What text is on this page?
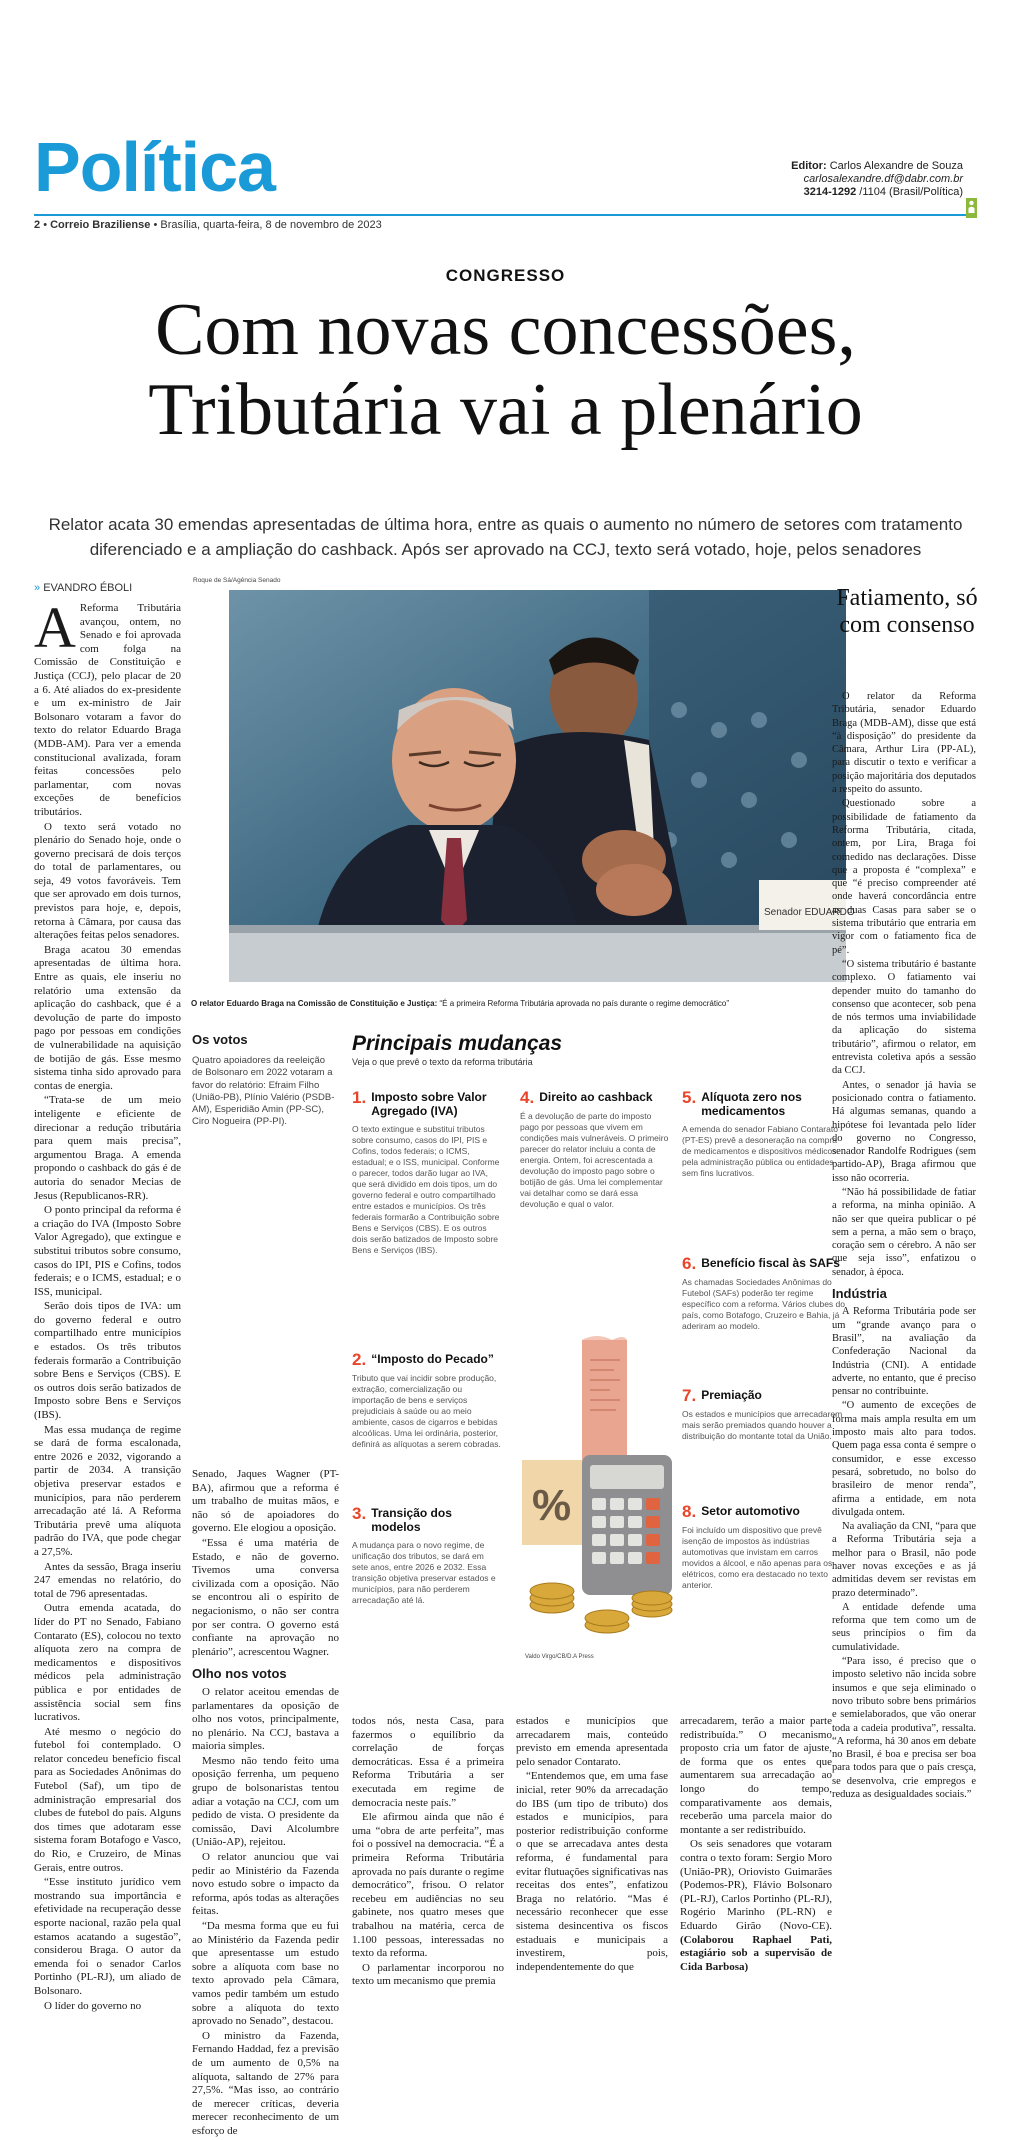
Política
2 • Correio Braziliense • Brasília, quarta-feira, 8 de novembro de 2023
Editor: Carlos Alexandre de Souza
carlosalexandre.df@dabr.com.br
3214-1292 /1104 (Brasil/Política)
CONGRESSO
Com novas concessões,
Tributária vai a plenário
Relator acata 30 emendas apresentadas de última hora, entre as quais o aumento no número de setores com tratamento diferenciado e a ampliação do cashback. Após ser aprovado na CCJ, texto será votado, hoje, pelos senadores
» EVANDRO ÉBOLI
Roque de Sá/Agência Senado
Senador EDUARDO
O relator Eduardo Braga na Comissão de Constituição e Justiça: “É a primeira Reforma Tributária aprovada no país durante o regime democrático”

A Reforma Tributária avançou, ontem, no Senado e foi aprovada com folga na Comissão de Constituição e Justiça (CCJ), pelo placar de 20 a 6. Até aliados do ex-presidente e um ex-ministro de Jair Bolsonaro votaram a favor do texto do relator Eduardo Braga (MDB-AM). Para ver a emenda constitucional avalizada, foram feitas concessões pelo parlamentar, com novas exceções de benefícios tributários.

O texto será votado no plenário do Senado hoje, onde o governo precisará de dois terços do total de parlamentares, ou seja, 49 votos favoráveis. Tem que ser aprovado em dois turnos, previstos para hoje, e, depois, retorna à Câmara, por causa das alterações feitas pelos senadores.

Braga acatou 30 emendas apresentadas de última hora. Entre as quais, ele inseriu no relatório uma extensão da aplicação do cashback, que é a devolução de parte do imposto pago por pessoas em condições de vulnerabilidade na aquisição de botijão de gás. Esse mesmo sistema tinha sido aprovado para contas de energia.

“Trata-se de um meio inteligente e eficiente de direcionar a redução tributária para quem mais precisa”, argumentou Braga. A emenda propondo o cashback do gás é de autoria do senador Mecias de Jesus (Republicanos-RR).

O ponto principal da reforma é a criação do IVA (Imposto Sobre Valor Agregado), que extingue e substitui tributos sobre consumo, casos do IPI, PIS e Cofins, todos federais; e o ICMS, estadual; e o ISS, municipal.

Serão dois tipos de IVA: um do governo federal e outro compartilhado entre municípios e estados. Os três tributos federais formarão a Contribuição sobre Bens e Serviços (CBS). E os outros dois serão batizados de Imposto sobre Bens e Serviços (IBS).

Mas essa mudança de regime se dará de forma escalonada, entre 2026 e 2032, vigorando a partir de 2034. A transição objetiva preservar estados e municípios, para não perderem arrecadação até lá. A Reforma Tributária prevê uma alíquota padrão do IVA, que pode chegar a 27,5%.

Antes da sessão, Braga inseriu 247 emendas no relatório, do total de 796 apresentadas.

Outra emenda acatada, do líder do PT no Senado, Fabiano Contarato (ES), colocou no texto alíquota zero na compra de medicamentos e dispositivos médicos pela administração pública e por entidades de assistência social sem fins lucrativos.

Até mesmo o negócio do futebol foi contemplado. O relator concedeu benefício fiscal para as Sociedades Anônimas do Futebol (Saf), um tipo de administração empresarial dos clubes de futebol do país. Alguns dos times que adotaram esse sistema foram Botafogo e Vasco, do Rio, e Cruzeiro, de Minas Gerais, entre outros.

“Esse instituto jurídico vem mostrando sua importância e efetividade na recuperação desse esporte nacional, razão pela qual estamos acatando a sugestão”, considerou Braga. O autor da emenda foi o senador Carlos Portinho (PL-RJ), um aliado de Bolsonaro.

O líder do governo no

Os votos

Quatro apoiadores da reeleição de Bolsonaro em 2022 votaram a favor do relatório: Efraim Filho (União-PB), Plínio Valério (PSDB-AM), Esperidião Amin (PP-SC), Ciro Nogueira (PP-PI).

Senado, Jaques Wagner (PT-BA), afirmou que a reforma é um trabalho de muitas mãos, e não só de apoiadores do governo. Ele elogiou a oposição.

“Essa é uma matéria de Estado, e não de governo. Tivemos uma conversa civilizada com a oposição. Não se encontrou ali o espírito de negacionismo, o não ser contra por ser contra. O governo está confiante na aprovação no plenário”, acrescentou Wagner.

Olho nos votos

O relator aceitou emendas de parlamentares da oposição de olho nos votos, principalmente, no plenário. Na CCJ, bastava a maioria simples.

Mesmo não tendo feito uma oposição ferrenha, um pequeno grupo de bolsonaristas tentou adiar a votação na CCJ, com um pedido de vista. O presidente da comissão, Davi Alcolumbre (União-AP), rejeitou.

O relator anunciou que vai pedir ao Ministério da Fazenda novo estudo sobre o impacto da reforma, após todas as alterações feitas.

“Da mesma forma que eu fui ao Ministério da Fazenda pedir que apresentasse um estudo sobre a alíquota com base no texto aprovado pela Câmara, vamos pedir também um estudo sobre a alíquota do texto aprovado no Senado”, destacou.

O ministro da Fazenda, Fernando Haddad, fez a previsão de um aumento de 0,5% na alíquota, saltando de 27% para 27,5%. “Mas isso, ao contrário de merecer críticas, deveria merecer reconhecimento de um esforço de

Principais mudanças
Veja o que prevê o texto da reforma tributária
1. Imposto sobre Valor Agregado (IVA)
O texto extingue e substitui tributos sobre consumo, casos do IPI, PIS e Cofins, todos federais; o ICMS, estadual; e o ISS, municipal. Conforme o parecer, todos darão lugar ao IVA, que será dividido em dois tipos, um do governo federal e outro compartilhado entre estados e municípios. Os três federais formarão a Contribuição sobre Bens e Serviços (CBS). E os outros dois serão batizados de Imposto sobre Bens e Serviços (IBS).
2. “Imposto do Pecado”
Tributo que vai incidir sobre produção, extração, comercialização ou importação de bens e serviços prejudiciais à saúde ou ao meio ambiente, casos de cigarros e bebidas alcoólicas. Uma lei ordinária, posterior, definirá as alíquotas a serem cobradas.
3. Transição dos modelos
A mudança para o novo regime, de unificação dos tributos, se dará em sete anos, entre 2026 e 2032. Essa transição objetiva preservar estados e municípios, para não perderem arrecadação até lá.
4. Direito ao cashback
É a devolução de parte do imposto pago por pessoas que vivem em condições mais vulneráveis. O primeiro parecer do relator incluiu a conta de energia. Ontem, foi acrescentada a devolução do imposto pago sobre o botijão de gás. Uma lei complementar vai detalhar como se dará essa devolução e qual o valor.
5. Alíquota zero nos medicamentos
A emenda do senador Fabiano Contarato (PT-ES) prevê a desoneração na compra de medicamentos e dispositivos médicos pela administração pública ou entidades sem fins lucrativos.
6. Benefício fiscal às SAFs
As chamadas Sociedades Anônimas do Futebol (SAFs) poderão ter regime específico com a reforma. Vários clubes do país, como Botafogo, Cruzeiro e Bahia, já aderiram ao modelo.
7. Premiação
Os estados e municípios que arrecadarem mais serão premiados quando houver a distribuição do montante total da União.
8. Setor automotivo
Foi incluído um dispositivo que prevê isenção de impostos às indústrias automotivas que invistam em carros movidos a álcool, e não apenas para os elétricos, como era destacado no texto anterior.
%
Valdo Virgo/CB/D.A Press

todos nós, nesta Casa, para fazermos o equilíbrio da correlação de forças democráticas. Essa é a primeira Reforma Tributária a ser executada em regime de democracia neste país.”

Ele afirmou ainda que não é uma “obra de arte perfeita”, mas foi o possível na democracia. “É a primeira Reforma Tributária aprovada no país durante o regime democrático”, frisou. O relator recebeu em audiências no seu gabinete, nos quatro meses que trabalhou na matéria, cerca de 1.100 pessoas, interessadas no texto da reforma.

O parlamentar incorporou no texto um mecanismo que premia

estados e municípios que arrecadarem mais, conteúdo previsto em emenda apresentada pelo senador Contarato.

“Entendemos que, em uma fase inicial, reter 90% da arrecadação do IBS (um tipo de tributo) dos estados e municípios, para posterior redistribuição conforme o que se arrecadava antes desta reforma, é fundamental para evitar flutuações significativas nas receitas dos entes”, enfatizou Braga no relatório. “Mas é necessário reconhecer que esse sistema desincentiva os fiscos estaduais e municipais a investirem, pois, independentemente do que

arrecadarem, terão a maior parte redistribuída.” O mecanismo proposto cria um fator de ajuste, de forma que os entes que aumentarem sua arrecadação ao longo do tempo, comparativamente aos demais, receberão uma parcela maior do montante a ser redistribuído.

Os seis senadores que votaram contra o texto foram: Sergio Moro (União-PR), Oriovisto Guimarães (Podemos-PR), Flávio Bolsonaro (PL-RJ), Carlos Portinho (PL-RJ), Rogério Marinho (PL-RN) e Eduardo Girão (Novo-CE). (Colaborou Raphael Pati, estagiário sob a supervisão de Cida Barbosa)

Fatiamento, só com consenso

O relator da Reforma Tributária, senador Eduardo Braga (MDB-AM), disse que está “à disposição” do presidente da Câmara, Arthur Lira (PP-AL), para discutir o texto e verificar a posição majoritária dos deputados a respeito do assunto.

Questionado sobre a possibilidade de fatiamento da Reforma Tributária, citada, ontem, por Lira, Braga foi comedido nas declarações. Disse que a proposta é “complexa” e que “é preciso compreender até onde haverá concordância entre as duas Casas para saber se o sistema tributário que entraria em vigor com o fatiamento fica de pé”.

“O sistema tributário é bastante complexo. O fatiamento vai depender muito do tamanho do consenso que acontecer, sob pena de nós termos uma inviabilidade da aplicação do sistema tributário”, afirmou o relator, em entrevista coletiva após a sessão da CCJ.

Antes, o senador já havia se posicionado contra o fatiamento. Há algumas semanas, quando a hipótese foi levantada pelo líder do governo no Congresso, senador Randolfe Rodrigues (sem partido-AP), Braga afirmou que isso não ocorreria.

“Não há possibilidade de fatiar a reforma, na minha opinião. A não ser que queira publicar o pé sem a perna, a mão sem o braço, coração sem o cérebro. A não ser que seja isso”, enfatizou o senador, à época.

Indústria

A Reforma Tributária pode ser um “grande avanço para o Brasil”, na avaliação da Confederação Nacional da Indústria (CNI). A entidade adverte, no entanto, que é preciso pensar no contribuinte.

“O aumento de exceções de forma mais ampla resulta em um imposto mais alto para todos. Quem paga essa conta é sempre o consumidor, e esse excesso pesará, sobretudo, no bolso do brasileiro de menor renda”, afirma a entidade, em nota divulgada ontem.

Na avaliação da CNI, “para que a Reforma Tributária seja a melhor para o Brasil, não pode haver novas exceções e as já admitidas devem ser revistas em prazo determinado”.

A entidade defende uma reforma que tem como um de seus princípios o fim da cumulatividade.

“Para isso, é preciso que o imposto seletivo não incida sobre insumos e que seja eliminado o novo tributo sobre bens primários e semielaborados, que vão onerar toda a cadeia produtiva”, ressalta. “A reforma, há 30 anos em debate no Brasil, é boa e precisa ser boa para todos para que o país cresça, se desenvolva, crie empregos e reduza as desigualdades sociais.”
